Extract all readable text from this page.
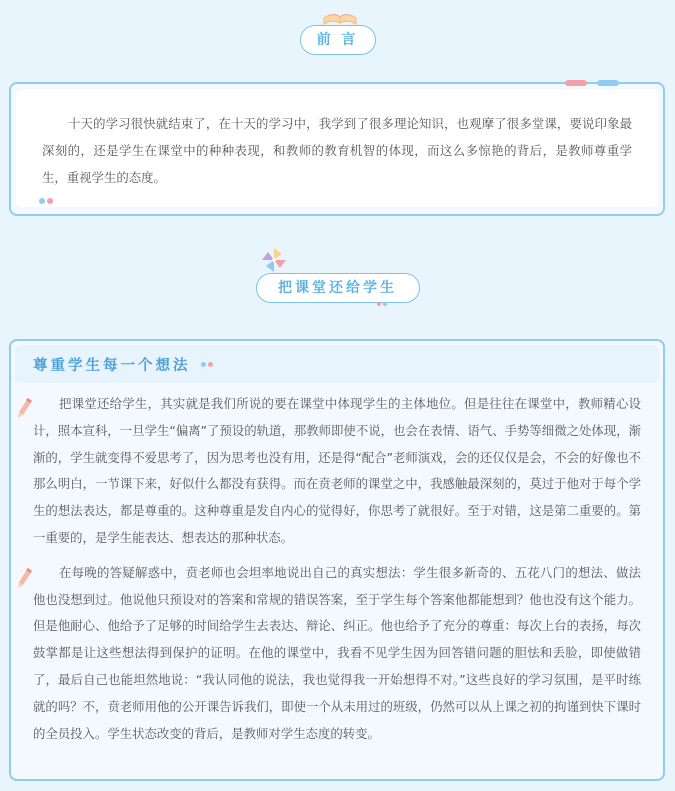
前 言

十天的学习很快就结束了，在十天的学习中，我学到了很多理论知识，也观摩了很多堂课，要说印象最深刻的，还是学生在课堂中的种种表现，和教师的教育机智的体现，而这么多惊艳的背后，是教师尊重学生，重视学生的态度。

把课堂还给学生
尊重学生每一个想法

把课堂还给学生，其实就是我们所说的要在课堂中体现学生的主体地位。但是往往在课堂中，教师精心设计，照本宣科，一旦学生“偏离”了预设的轨道，那教师即使不说，也会在表情、语气、手势等细微之处体现，渐渐的，学生就变得不爱思考了，因为思考也没有用，还是得“配合”老师演戏，会的还仅仅是会，不会的好像也不那么明白，一节课下来，好似什么都没有获得。而在贲老师的课堂之中，我感触最深刻的，莫过于他对于每个学生的想法表达，都是尊重的。这种尊重是发自内心的觉得好，你思考了就很好。至于对错，这是第二重要的。第一重要的，是学生能表达、想表达的那种状态。

在每晚的答疑解惑中，贲老师也会坦率地说出自己的真实想法：学生很多新奇的、五花八门的想法、做法他也没想到过。他说他只预设对的答案和常规的错误答案，至于学生每个答案他都能想到？他也没有这个能力。但是他耐心、他给予了足够的时间给学生去表达、辩论、纠正。他也给予了充分的尊重：每次上台的表扬，每次鼓掌都是让这些想法得到保护的证明。在他的课堂中，我看不见学生因为回答错问题的胆怯和丢脸，即使做错了，最后自己也能坦然地说：“我认同他的说法，我也觉得我一开始想得不对。”这些良好的学习氛围，是平时练就的吗？不，贲老师用他的公开课告诉我们，即使一个从未用过的班级，仍然可以从上课之初的拘谨到快下课时的全员投入。学生状态改变的背后，是教师对学生态度的转变。
